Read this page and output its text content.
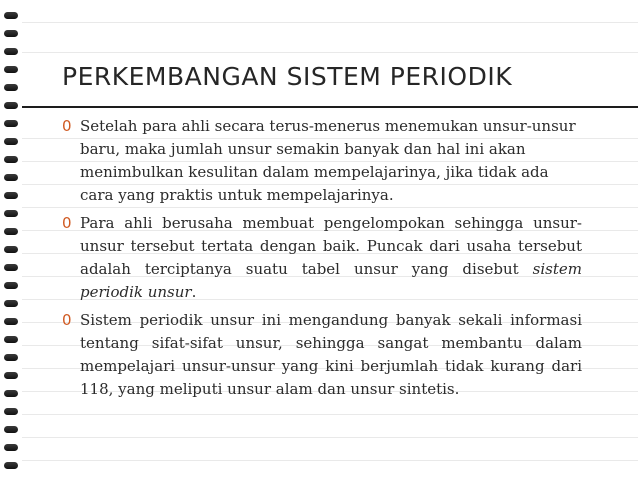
PERKEMBANGAN SISTEM PERIODIK
0 Setelah para ahli secara terus-menerus menemukan unsur-unsur baru, maka jumlah unsur semakin banyak dan hal ini akan menimbulkan kesulitan dalam mempelajarinya, jika tidak ada cara yang praktis untuk mempelajarinya.

0 Para ahli berusaha membuat pengelompokan sehingga unsur-unsur tersebut tertata dengan baik. Puncak dari usaha tersebut adalah terciptanya suatu tabel unsur yang disebut sistem periodik unsur.

0 Sistem periodik unsur ini mengandung banyak sekali informasi tentang sifat-sifat unsur, sehingga sangat membantu dalam mempelajari unsur-unsur yang kini berjumlah tidak kurang dari 118, yang meliputi unsur alam dan unsur sintetis.
